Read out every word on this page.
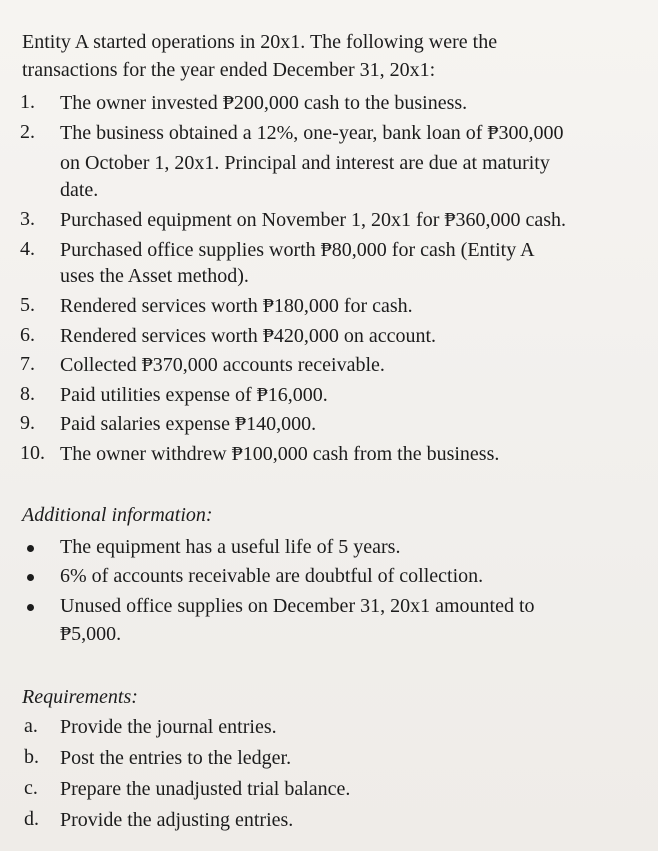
Entity A started operations in 20x1. The following were the
transactions for the year ended December 31, 20x1:
1. The owner invested ₱200,000 cash to the business.
2. The business obtained a 12%, one-year, bank loan of ₱300,000
on October 1, 20x1. Principal and interest are due at maturity
date.
3. Purchased equipment on November 1, 20x1 for ₱360,000 cash.
4. Purchased office supplies worth ₱80,000 for cash (Entity A
uses the Asset method).
5. Rendered services worth ₱180,000 for cash.
6. Rendered services worth ₱420,000 on account.
7. Collected ₱370,000 accounts receivable.
8. Paid utilities expense of ₱16,000.
9. Paid salaries expense ₱140,000.
10. The owner withdrew ₱100,000 cash from the business.
Additional information:
The equipment has a useful life of 5 years.
6% of accounts receivable are doubtful of collection.
Unused office supplies on December 31, 20x1 amounted to
₱5,000.
Requirements:
a. Provide the journal entries.
b. Post the entries to the ledger.
c. Prepare the unadjusted trial balance.
d. Provide the adjusting entries.
